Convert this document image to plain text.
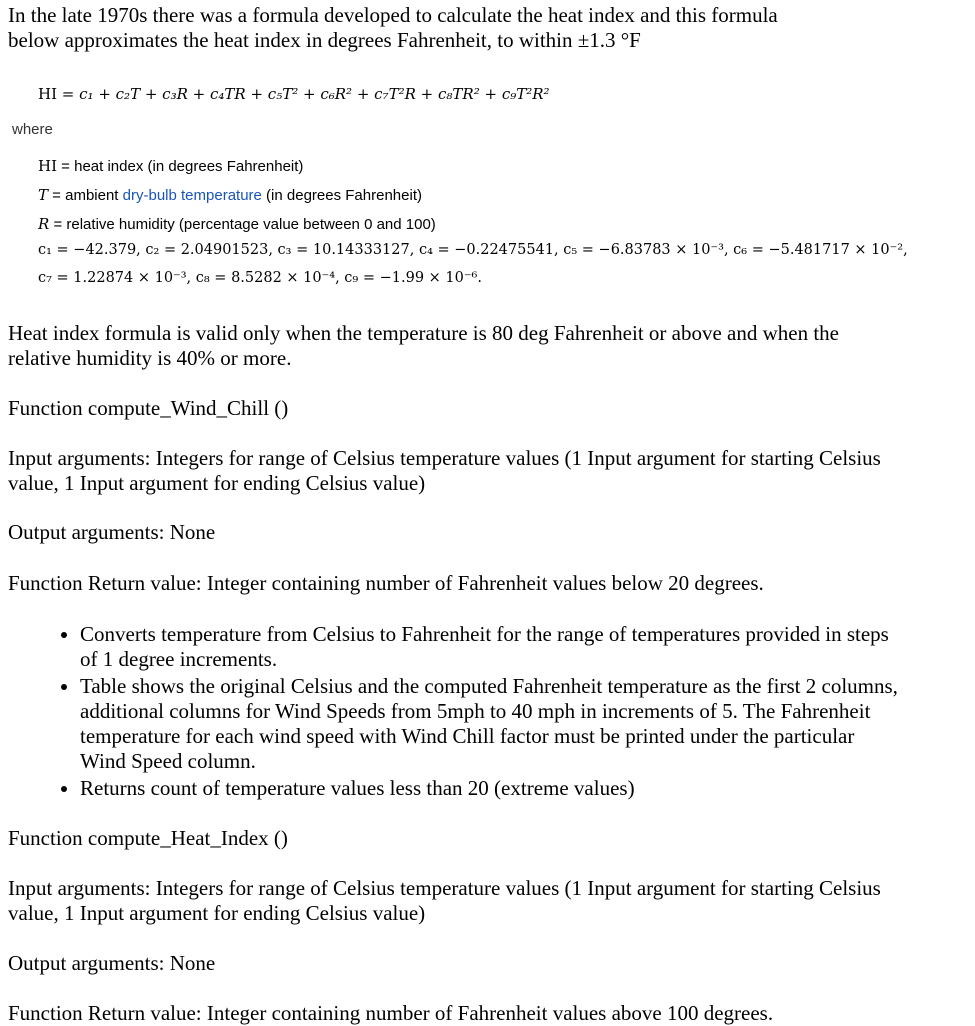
In the late 1970s there was a formula developed to calculate the heat index and this formula
below approximates the heat index in degrees Fahrenheit, to within ±1.3 °F

HI = c₁ + c₂T + c₃R + c₄TR + c₅T² + c₆R² + c₇T²R + c₈TR² + c₉T²R²
where
HI = heat index (in degrees Fahrenheit)
T = ambient dry-bulb temperature (in degrees Fahrenheit)
R = relative humidity (percentage value between 0 and 100)
c₁ = −42.379, c₂ = 2.04901523, c₃ = 10.14333127, c₄ = −0.22475541, c₅ = −6.83783 × 10⁻³, c₆ = −5.481717 × 10⁻²,
c₇ = 1.22874 × 10⁻³, c₈ = 8.5282 × 10⁻⁴, c₉ = −1.99 × 10⁻⁶.

Heat index formula is valid only when the temperature is 80 deg Fahrenheit or above and when the
relative humidity is 40% or more.

Function compute_Wind_Chill ()

Input arguments: Integers for range of Celsius temperature values (1 Input argument for starting Celsius
value, 1 Input argument for ending Celsius value)

Output arguments: None

Function Return value: Integer containing number of Fahrenheit values below 20 degrees.

• Converts temperature from Celsius to Fahrenheit for the range of temperatures provided in steps
of 1 degree increments.
• Table shows the original Celsius and the computed Fahrenheit temperature as the first 2 columns,
additional columns for Wind Speeds from 5mph to 40 mph in increments of 5. The Fahrenheit
temperature for each wind speed with Wind Chill factor must be printed under the particular
Wind Speed column.
• Returns count of temperature values less than 20 (extreme values)

Function compute_Heat_Index ()

Input arguments: Integers for range of Celsius temperature values (1 Input argument for starting Celsius
value, 1 Input argument for ending Celsius value)

Output arguments: None

Function Return value: Integer containing number of Fahrenheit values above 100 degrees.
